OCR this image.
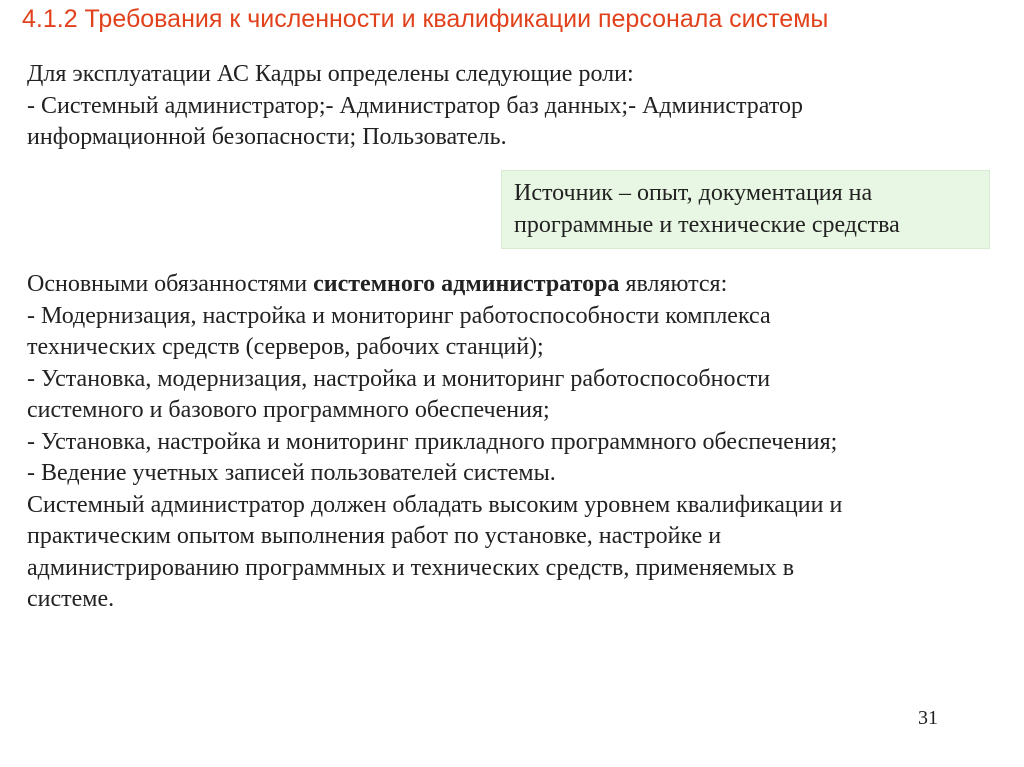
4.1.2 Требования к численности и квалификации персонала системы
Для эксплуатации АС Кадры определены следующие роли:
- Системный администратор;- Администратор баз данных;- Администратор
информационной безопасности; Пользователь.
Источник – опыт, документация на
программные и технические средства
Основными обязанностями системного администратора являются:
- Модернизация, настройка и мониторинг работоспособности комплекса
технических средств (серверов, рабочих станций);
- Установка, модернизация, настройка и мониторинг работоспособности
системного и базового программного обеспечения;
- Установка, настройка и мониторинг прикладного программного обеспечения;
- Ведение учетных записей пользователей системы.
Системный администратор должен обладать высоким уровнем квалификации и
практическим опытом выполнения работ по установке, настройке и
администрированию программных и технических средств, применяемых в
системе.
31
